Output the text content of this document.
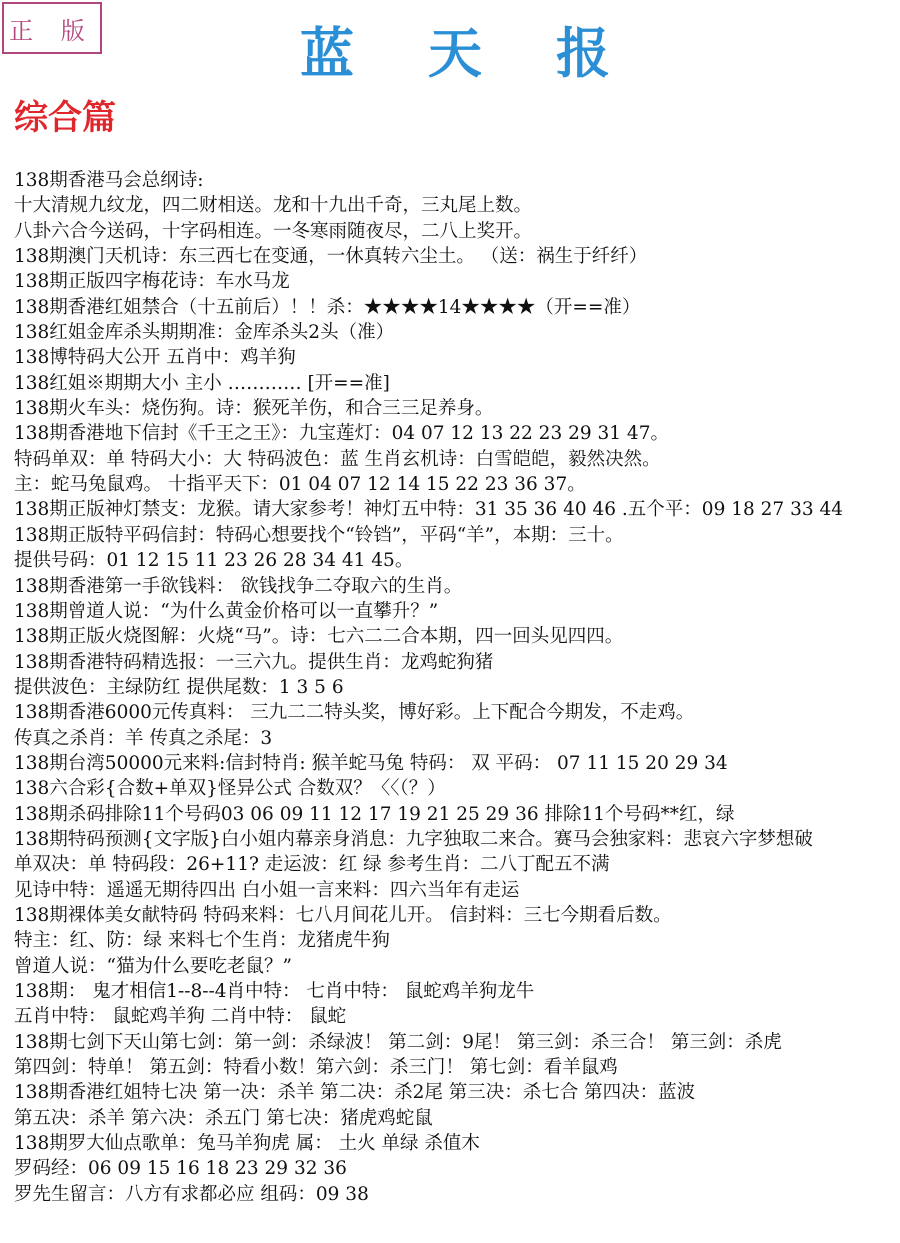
正 版	蓝 天 报
综合篇
138期香港马会总纲诗:
十大清规九纹龙，四二财相送。龙和十九出千奇，三丸尾上数。
八卦六合今送码，十字码相连。一冬寒雨随夜尽，二八上奖开。
138期澳门天机诗：东三西七在变通，一休真转六尘土。 （送：祸生于纤纤）
138期正版四字梅花诗：车水马龙
138期香港红姐禁合（十五前后）！！杀：★★★★14★★★★（开==准）
138红姐金库杀头期期准：金库杀头2头（准）
138博特码大公开 五肖中：鸡羊狗
138红姐※期期大小 主小 ………… [开==准]
138期火车头：烧伤狗。诗：猴死羊伤，和合三三足养身。
138期香港地下信封《千王之王》：九宝莲灯：04 07 12 13 22 23 29 31 47。
特码单双：单 特码大小：大 特码波色：蓝 生肖玄机诗：白雪皑皑，毅然决然。
主：蛇马兔鼠鸡。 十指平天下：01 04 07 12 14 15 22 23 36 37。
138期正版神灯禁支：龙猴。请大家参考！神灯五中特：31 35 36 40 46 .五个平：09 18 27 33 44
138期正版特平码信封：特码心想要找个“铃铛”，平码“羊”，本期：三十。
提供号码：01 12 15 11 23 26 28 34 41 45。
138期香港第一手欲钱料： 欲钱找争二夺取六的生肖。
138期曾道人说：“为什么黄金价格可以一直攀升？”
138期正版火烧图解：火烧“马”。诗：七六二二合本期，四一回头见四四。
138期香港特码精选报：一三六九。提供生肖：龙鸡蛇狗猪
提供波色：主绿防红 提供尾数：1 3 5 6
138期香港6000元传真料： 三九二二特头奖，博好彩。上下配合今期发，不走鸡。
传真之杀肖：羊 传真之杀尾：3
138期台湾50000元来料:信封特肖: 猴羊蛇马兔 特码： 双 平码： 07 11 15 20 29 34
138六合彩{合数+单双}怪异公式 合数双？〈〈（？）
138期杀码排除11个号码03 06 09 11 12 17 19 21 25 29 36 排除11个号码**红，绿
138期特码预测{文字版}白小姐内幕亲身消息：九字独取二来合。赛马会独家料：悲哀六字梦想破
单双决：单 特码段：26+11? 走运波：红 绿 参考生肖：二八丁配五不满
见诗中特：遥遥无期待四出 白小姐一言来料：四六当年有走运
138期裸体美女献特码 特码来料：七八月间花儿开。 信封料：三七今期看后数。
特主：红、防：绿 来料七个生肖：龙猪虎牛狗
曾道人说：“猫为什么要吃老鼠？”
138期： 鬼才相信1--8--4肖中特： 七肖中特： 鼠蛇鸡羊狗龙牛
五肖中特： 鼠蛇鸡羊狗 二肖中特： 鼠蛇
138期七剑下天山第七剑：第一剑：杀绿波！ 第二剑：9尾！ 第三剑：杀三合！ 第三剑：杀虎
第四剑：特单！ 第五剑：特看小数！第六剑：杀三门！ 第七剑：看羊鼠鸡
138期香港红姐特七决 第一决：杀羊 第二决：杀2尾 第三决：杀七合 第四决：蓝波
第五决：杀羊 第六决：杀五门 第七决：猪虎鸡蛇鼠
138期罗大仙点歌单：兔马羊狗虎 属： 土火 单绿 杀值木
罗码经：06 09 15 16 18 23 29 32 36
罗先生留言：八方有求都必应 组码：09 38
